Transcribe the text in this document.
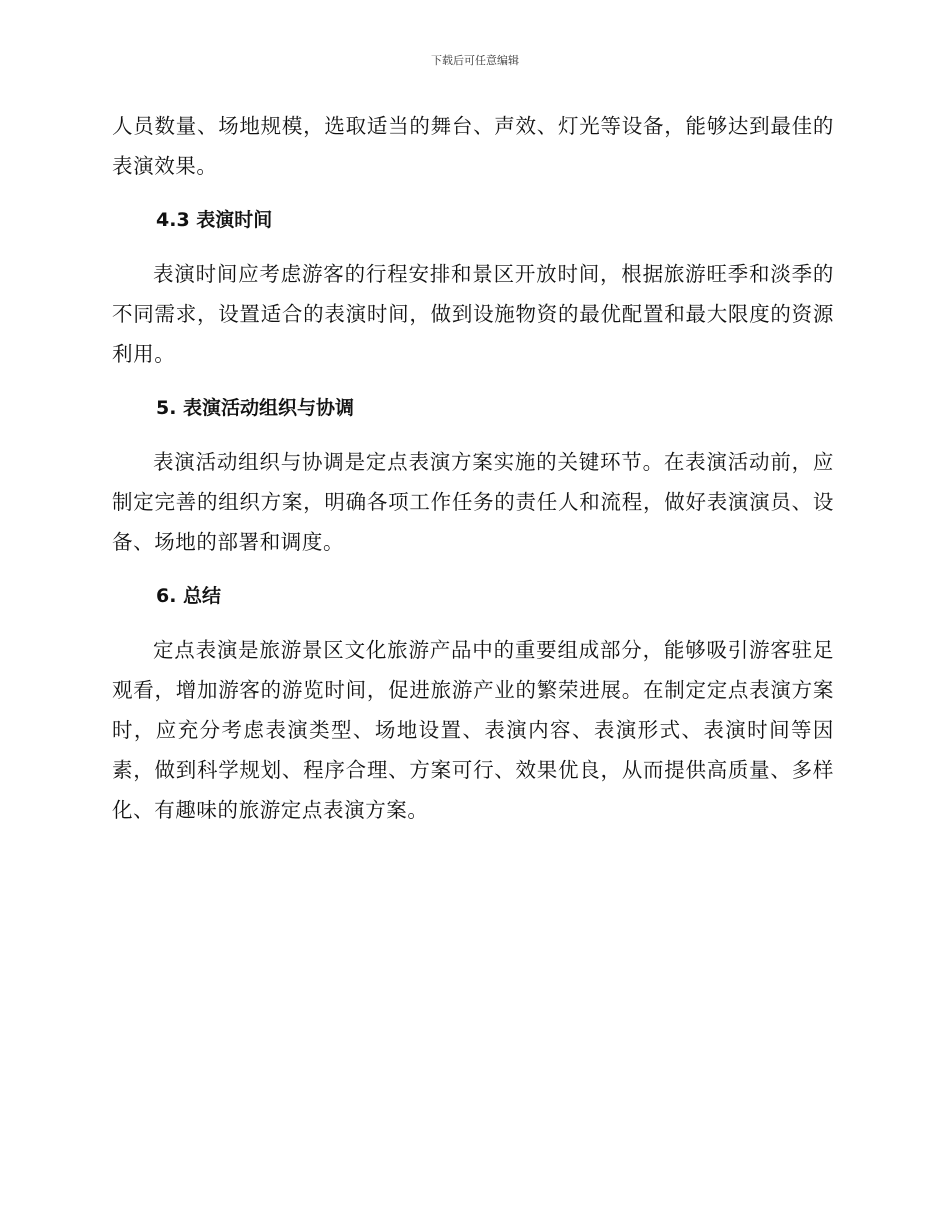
下载后可任意编辑

人员数量、场地规模，选取适当的舞台、声效、灯光等设备，能够达到最佳的表演效果。

4.3 表演时间

表演时间应考虑游客的行程安排和景区开放时间，根据旅游旺季和淡季的不同需求，设置适合的表演时间，做到设施物资的最优配置和最大限度的资源利用。

5. 表演活动组织与协调

表演活动组织与协调是定点表演方案实施的关键环节。在表演活动前，应制定完善的组织方案，明确各项工作任务的责任人和流程，做好表演演员、设备、场地的部署和调度。

6. 总结

定点表演是旅游景区文化旅游产品中的重要组成部分，能够吸引游客驻足观看，增加游客的游览时间，促进旅游产业的繁荣进展。在制定定点表演方案时，应充分考虑表演类型、场地设置、表演内容、表演形式、表演时间等因素，做到科学规划、程序合理、方案可行、效果优良，从而提供高质量、多样化、有趣味的旅游定点表演方案。
